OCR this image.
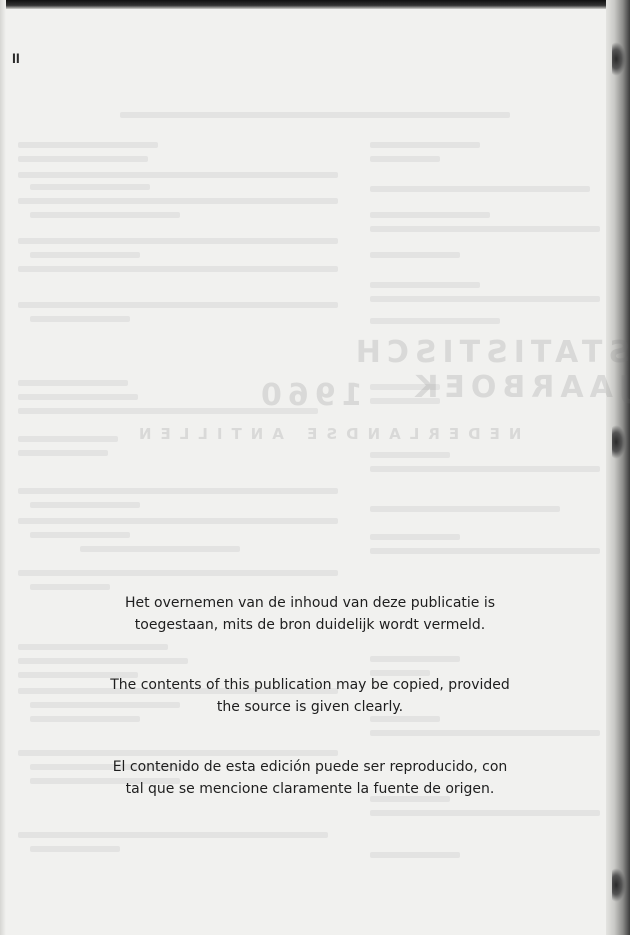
STATISTISCH JAARBOEK
1960
NEDERLANDSE ANTILLEN
II

Het overnemen van de inhoud van deze publicatie is

toegestaan, mits de bron duidelijk wordt vermeld.

The contents of this publication may be copied, provided

the source is given clearly.

El contenido de esta edición puede ser reproducido, con

tal que se mencione claramente la fuente de origen.
